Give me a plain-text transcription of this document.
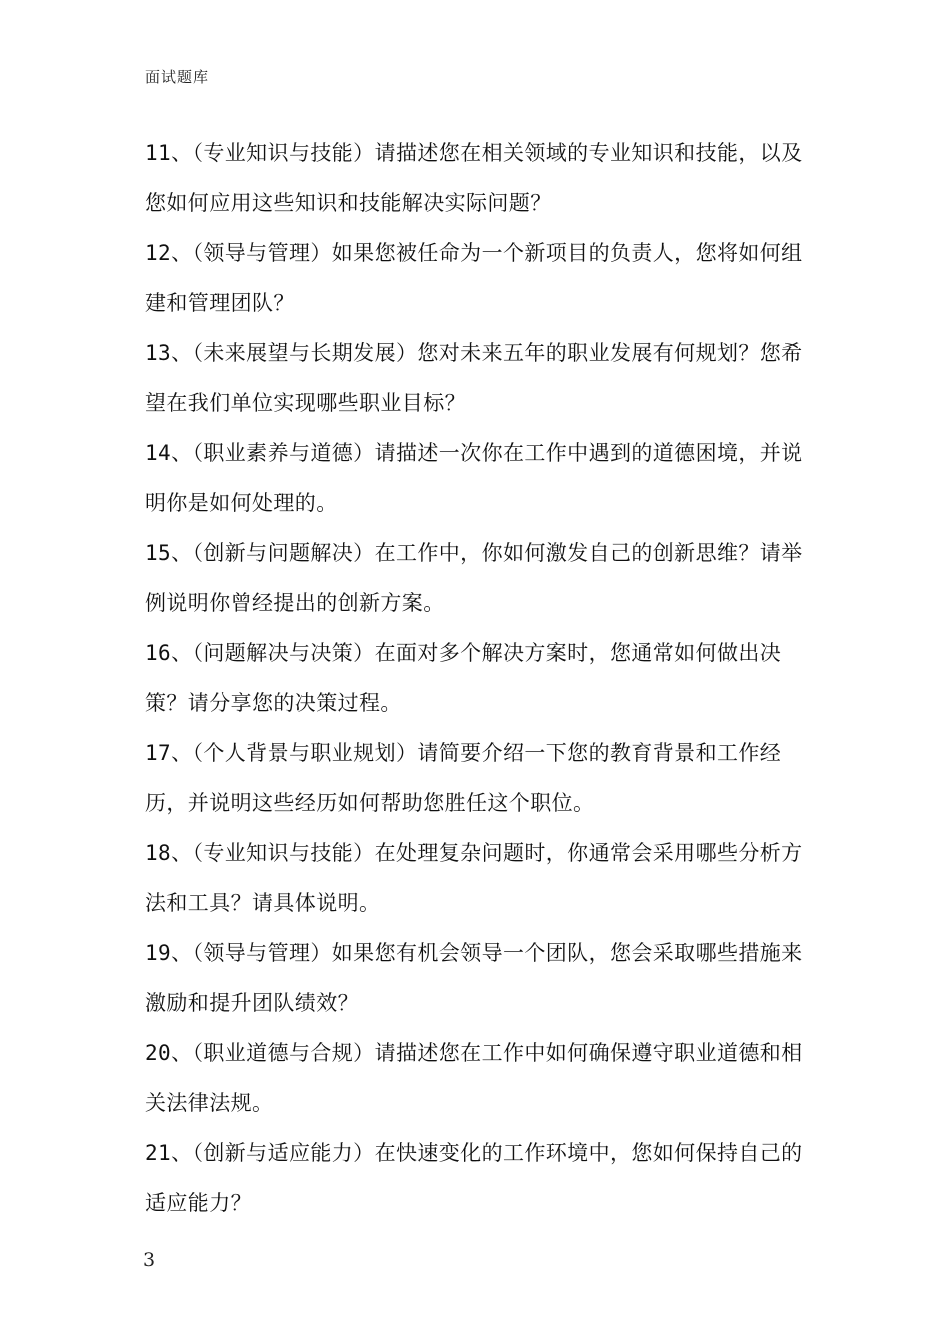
面试题库

11、（专业知识与技能）请描述您在相关领域的专业知识和技能，以及您如何应用这些知识和技能解决实际问题？

12、（领导与管理）如果您被任命为一个新项目的负责人，您将如何组建和管理团队？

13、（未来展望与长期发展）您对未来五年的职业发展有何规划？您希望在我们单位实现哪些职业目标？

14、（职业素养与道德）请描述一次你在工作中遇到的道德困境，并说明你是如何处理的。

15、（创新与问题解决）在工作中，你如何激发自己的创新思维？请举例说明你曾经提出的创新方案。

16、（问题解决与决策）在面对多个解决方案时，您通常如何做出决策？请分享您的决策过程。

17、（个人背景与职业规划）请简要介绍一下您的教育背景和工作经历，并说明这些经历如何帮助您胜任这个职位。

18、（专业知识与技能）在处理复杂问题时，你通常会采用哪些分析方法和工具？请具体说明。

19、（领导与管理）如果您有机会领导一个团队，您会采取哪些措施来激励和提升团队绩效？

20、（职业道德与合规）请描述您在工作中如何确保遵守职业道德和相关法律法规。

21、（创新与适应能力）在快速变化的工作环境中，您如何保持自己的适应能力？

3
